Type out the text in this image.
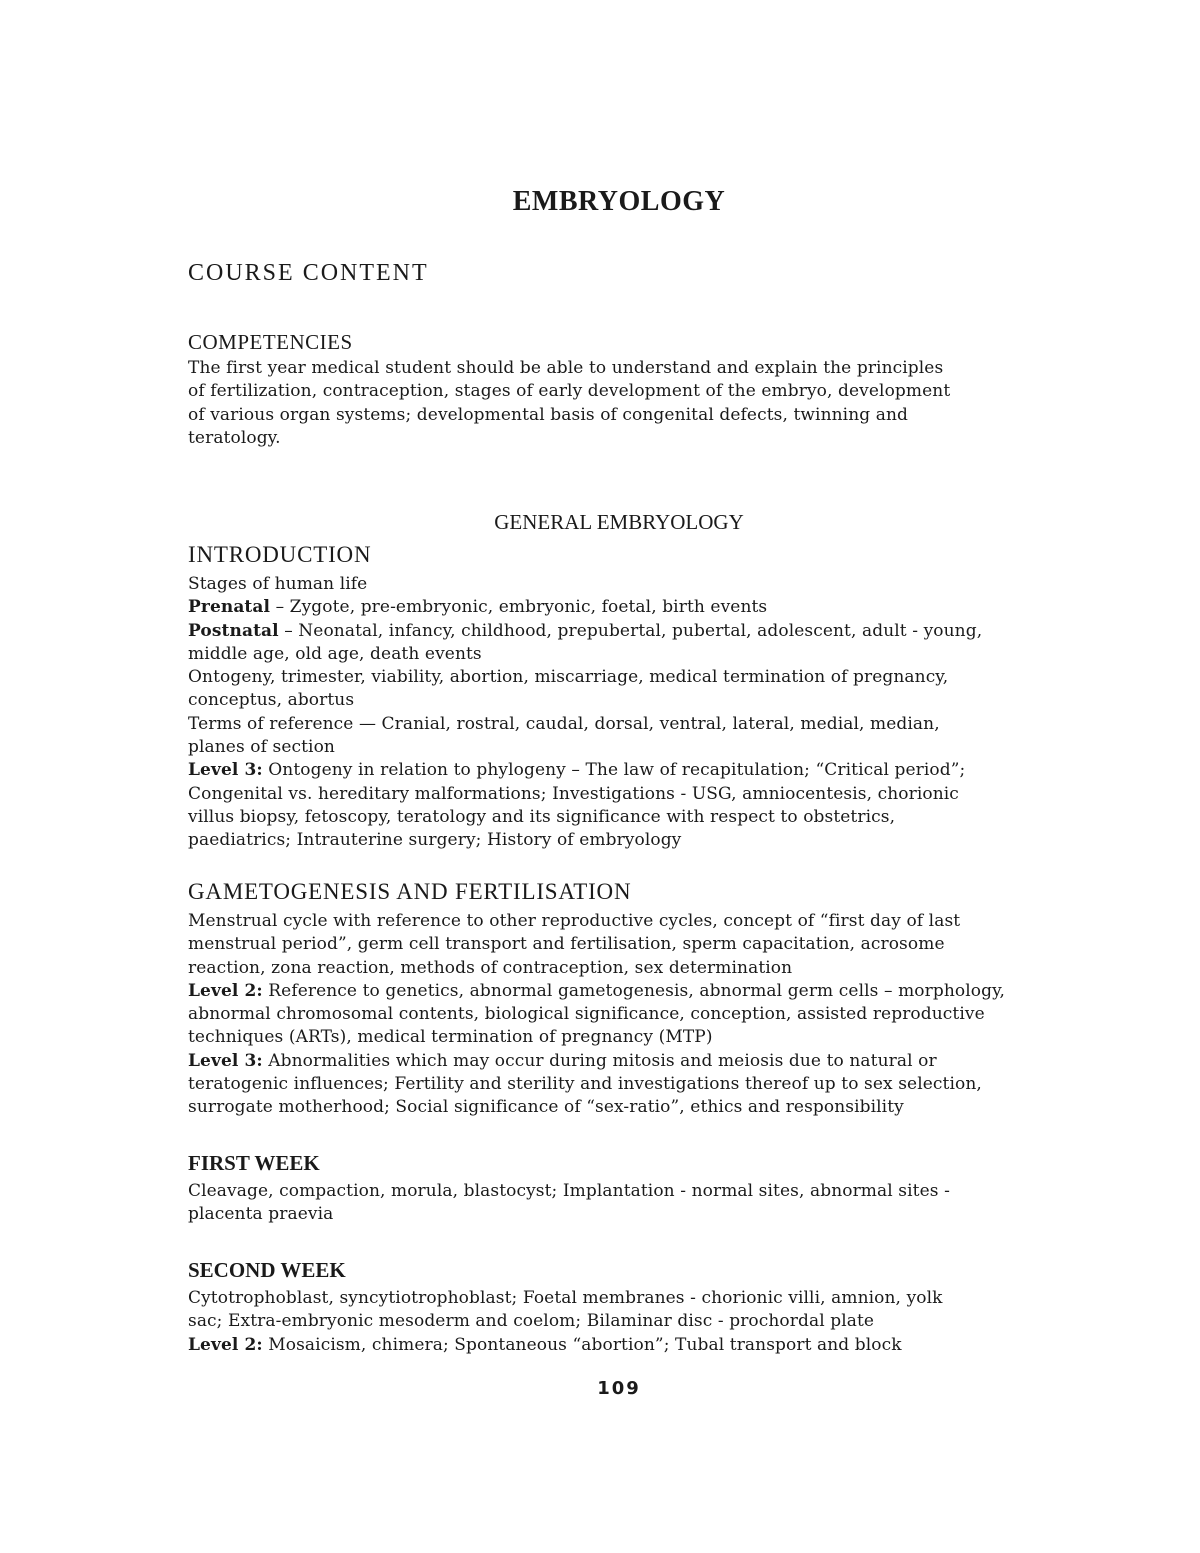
EMBRYOLOGY
COURSE CONTENT
COMPETENCIES

The first year medical student should be able to understand and explain the principles

of fertilization, contraception, stages of early development of the embryo, development

of various organ systems; developmental basis of congenital defects, twinning and

teratology.

GENERAL EMBRYOLOGY
INTRODUCTION

Stages of human life

Prenatal – Zygote, pre-embryonic, embryonic, foetal, birth events

Postnatal – Neonatal, infancy, childhood, prepubertal, pubertal, adolescent, adult - young,

middle age, old age, death events

Ontogeny, trimester, viability, abortion, miscarriage, medical termination of pregnancy,

conceptus, abortus

Terms of reference — Cranial, rostral, caudal, dorsal, ventral, lateral, medial, median,

planes of section

Level 3: Ontogeny in relation to phylogeny – The law of recapitulation; “Critical period”;

Congenital vs. hereditary malformations; Investigations - USG, amniocentesis, chorionic

villus biopsy, fetoscopy, teratology and its significance with respect to obstetrics,

paediatrics; Intrauterine surgery; History of embryology

GAMETOGENESIS AND FERTILISATION

Menstrual cycle with reference to other reproductive cycles, concept of “first day of last

menstrual period”, germ cell transport and fertilisation, sperm capacitation, acrosome

reaction, zona reaction, methods of contraception, sex determination

Level 2: Reference to genetics, abnormal gametogenesis, abnormal germ cells – morphology,

abnormal chromosomal contents, biological significance, conception, assisted reproductive

techniques (ARTs), medical termination of pregnancy (MTP)

Level 3: Abnormalities which may occur during mitosis and meiosis due to natural or

teratogenic influences; Fertility and sterility and investigations thereof up to sex selection,

surrogate motherhood; Social significance of “sex-ratio”, ethics and responsibility

FIRST WEEK

Cleavage, compaction, morula, blastocyst; Implantation - normal sites, abnormal sites -

placenta praevia

SECOND WEEK

Cytotrophoblast, syncytiotrophoblast; Foetal membranes - chorionic villi, amnion, yolk

sac; Extra-embryonic mesoderm and coelom; Bilaminar disc - prochordal plate

Level 2: Mosaicism, chimera; Spontaneous “abortion”; Tubal transport and block

109
